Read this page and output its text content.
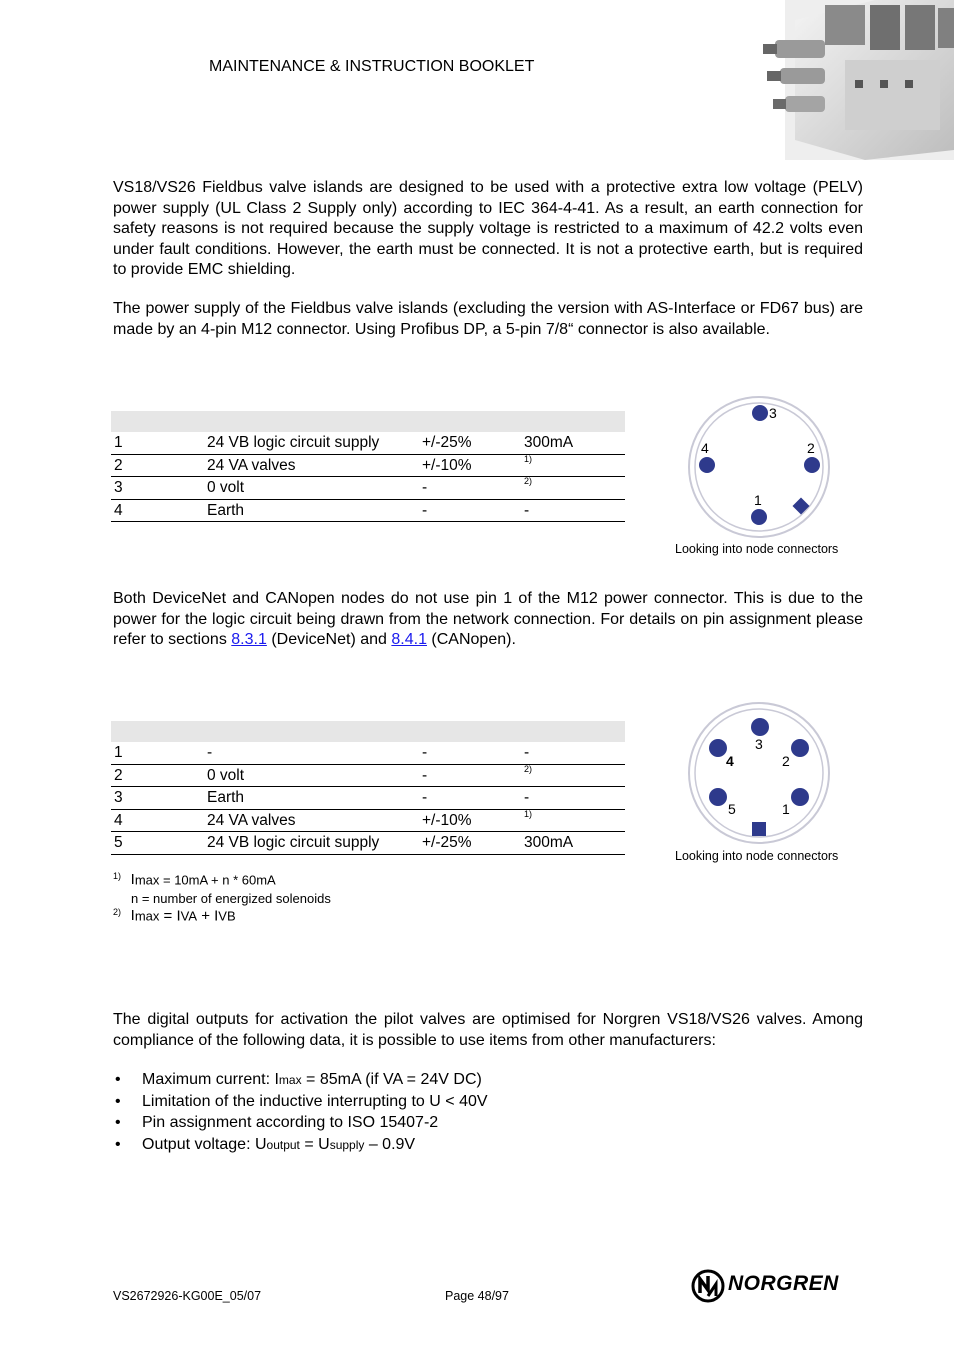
MAINTENANCE & INSTRUCTION BOOKLET
VS18/VS26 Fieldbus valve islands are designed to be used with a protective extra low voltage (PELV) power supply (UL Class 2 Supply only) according to IEC 364-4-41. As a result, an earth connection for safety reasons is not required because the supply voltage is restricted to a maximum of 42.2 volts even under fault conditions. However, the earth must be connected. It is not a protective earth, but is required to provide EMC shielding.
The power supply of the Fieldbus valve islands (excluding the version with AS-Interface or FD67 bus) are made by an 4-pin M12 connector. Using Profibus DP, a 5-pin 7/8“ connector is also available.
1	24 VB logic circuit supply	+/-25%	300mA
2	24 VA valves	+/-10%	1)
3	0 volt	-	2)
4	Earth	-	-
3
4	2
1
Looking into node connectors
Both DeviceNet and CANopen nodes do not use pin 1 of the M12 power connector. This is due to the power for the logic circuit being drawn from the network connection. For details on pin assignment please refer to sections 8.3.1 (DeviceNet) and 8.4.1 (CANopen).
1	-	-	-
2	0 volt	-	2)
3	Earth	-	-
4	24 VA valves	+/-10%	1)
5	24 VB logic circuit supply	+/-25%	300mA
3
4	2
5	1
Looking into node connectors
$^{1)}$ Imax = 10mA + n * 60mA
n = number of energized solenoids
$^{2)}$ Imax = IVA + IVB
The digital outputs for activation the pilot valves are optimised for Norgren VS18/VS26 valves. Among compliance of the following data, it is possible to use items from other manufacturers:
• Maximum current: Imax = 85mA (if VA = 24V DC)
• Limitation of the inductive interrupting to U < 40V
• Pin assignment according to ISO 15407-2
• Output voltage: Uoutput = Usupply – 0.9V
VS2672926-KG00E_05/07	Page 48/97
NORGREN
